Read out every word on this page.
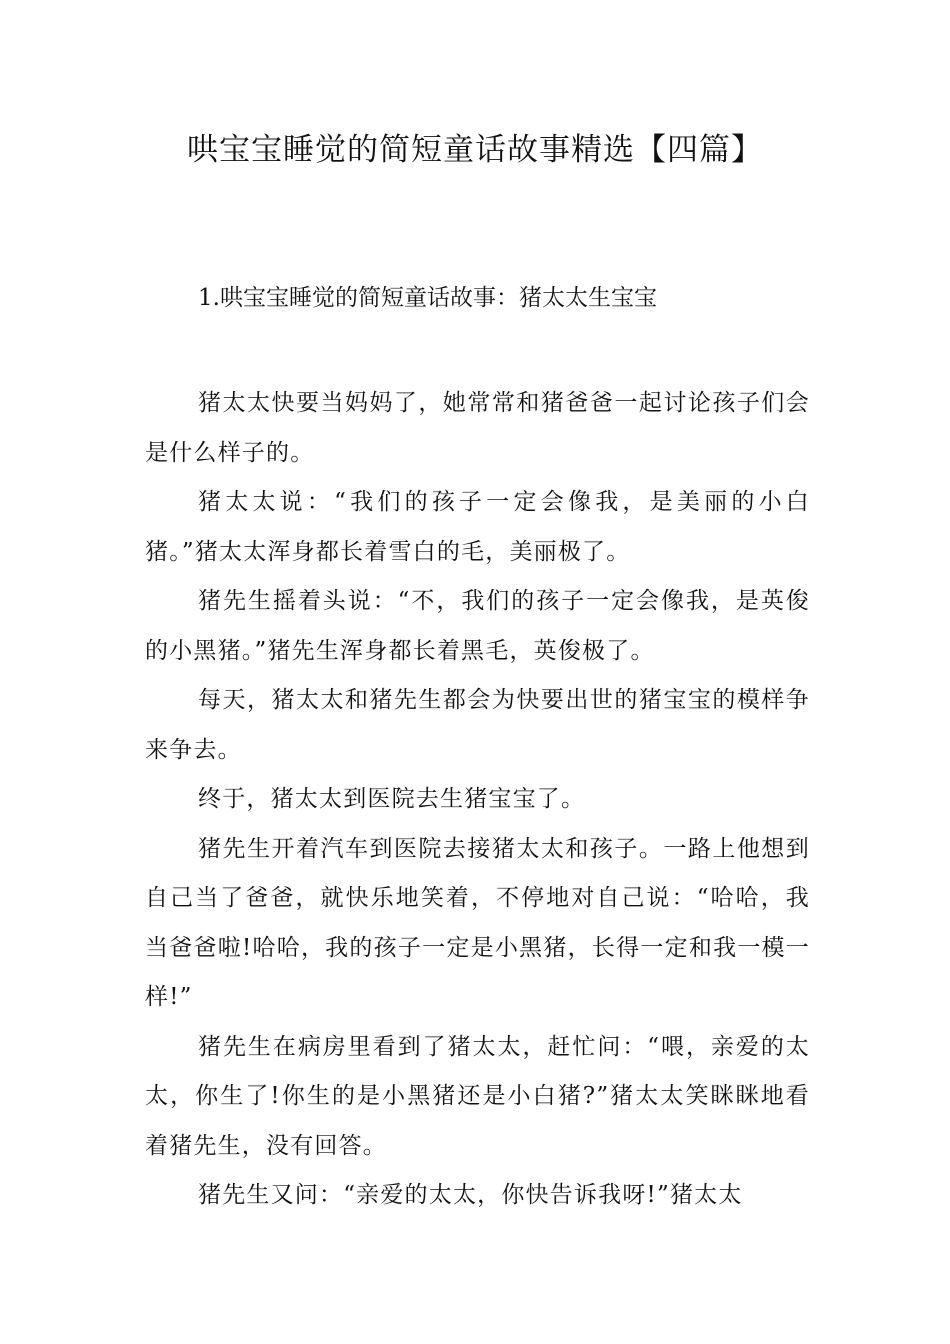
哄宝宝睡觉的简短童话故事精选【四篇】

1.哄宝宝睡觉的简短童话故事：猪太太生宝宝

猪太太快要当妈妈了，她常常和猪爸爸一起讨论孩子们会是什么样子的。

猪太太说：“我们的孩子一定会像我，是美丽的小白猪。”猪太太浑身都长着雪白的毛，美丽极了。

猪先生摇着头说：“不，我们的孩子一定会像我，是英俊的小黑猪。”猪先生浑身都长着黑毛，英俊极了。

每天，猪太太和猪先生都会为快要出世的猪宝宝的模样争来争去。

终于，猪太太到医院去生猪宝宝了。

猪先生开着汽车到医院去接猪太太和孩子。一路上他想到自己当了爸爸，就快乐地笑着，不停地对自己说：“哈哈，我当爸爸啦!哈哈，我的孩子一定是小黑猪，长得一定和我一模一样!”

猪先生在病房里看到了猪太太，赶忙问：“喂，亲爱的太太，你生了!你生的是小黑猪还是小白猪?”猪太太笑眯眯地看着猪先生，没有回答。

猪先生又问：“亲爱的太太，你快告诉我呀!”猪太太
